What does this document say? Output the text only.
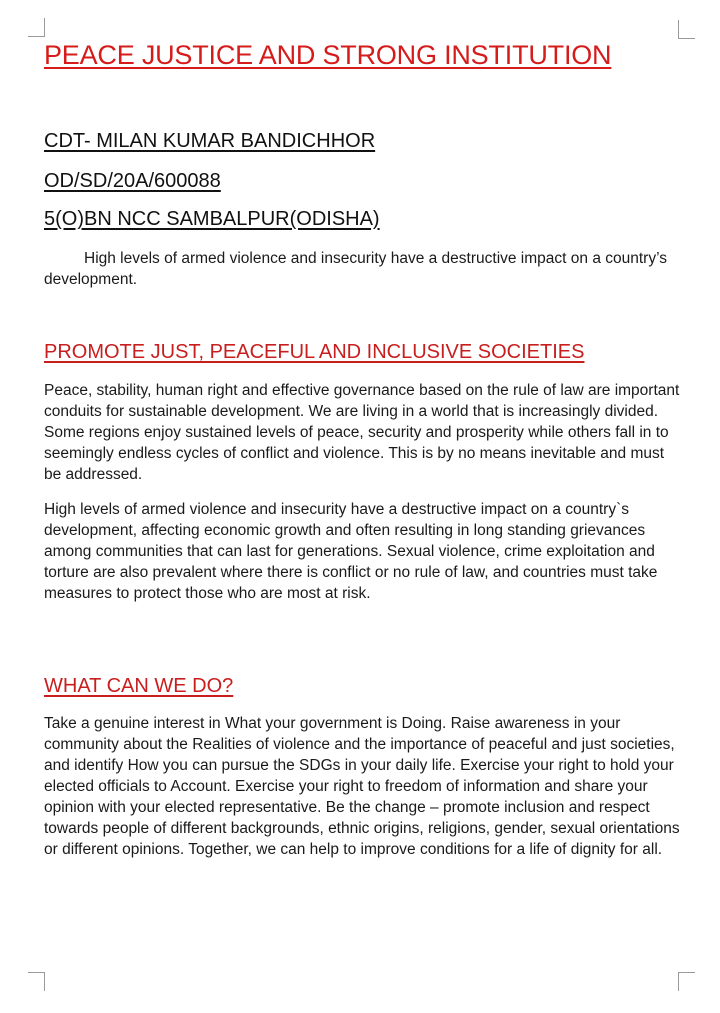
PEACE JUSTICE AND STRONG INSTITUTION
CDT- MILAN KUMAR BANDICHHOR
OD/SD/20A/600088
5(O)BN NCC SAMBALPUR(ODISHA)

High levels of armed violence and insecurity have a destructive impact on a country’s development.

PROMOTE JUST, PEACEFUL AND INCLUSIVE SOCIETIES

Peace, stability, human right and effective governance based on the rule of law are important conduits for sustainable development. We are living in a world that is increasingly divided. Some regions enjoy sustained levels of peace, security and prosperity while others fall in to seemingly endless cycles of conflict and violence. This is by no means inevitable and must be addressed.

High levels of armed violence and insecurity have a destructive impact on a country`s development, affecting economic growth and often resulting in long standing grievances among communities that can last for generations. Sexual violence, crime exploitation and torture are also prevalent where there is conflict or no rule of law, and countries must take measures to protect those who are most at risk.

WHAT CAN WE DO?

Take a genuine interest in What your government is Doing. Raise awareness in your community about the Realities of violence and the importance of peaceful and just societies, and identify How you can pursue the SDGs in your daily life. Exercise your right to hold your elected officials to Account. Exercise your right to freedom of information and share your opinion with your elected representative. Be the change – promote inclusion and respect towards people of different backgrounds, ethnic origins, religions, gender, sexual orientations or different opinions. Together, we can help to improve conditions for a life of dignity for all.
